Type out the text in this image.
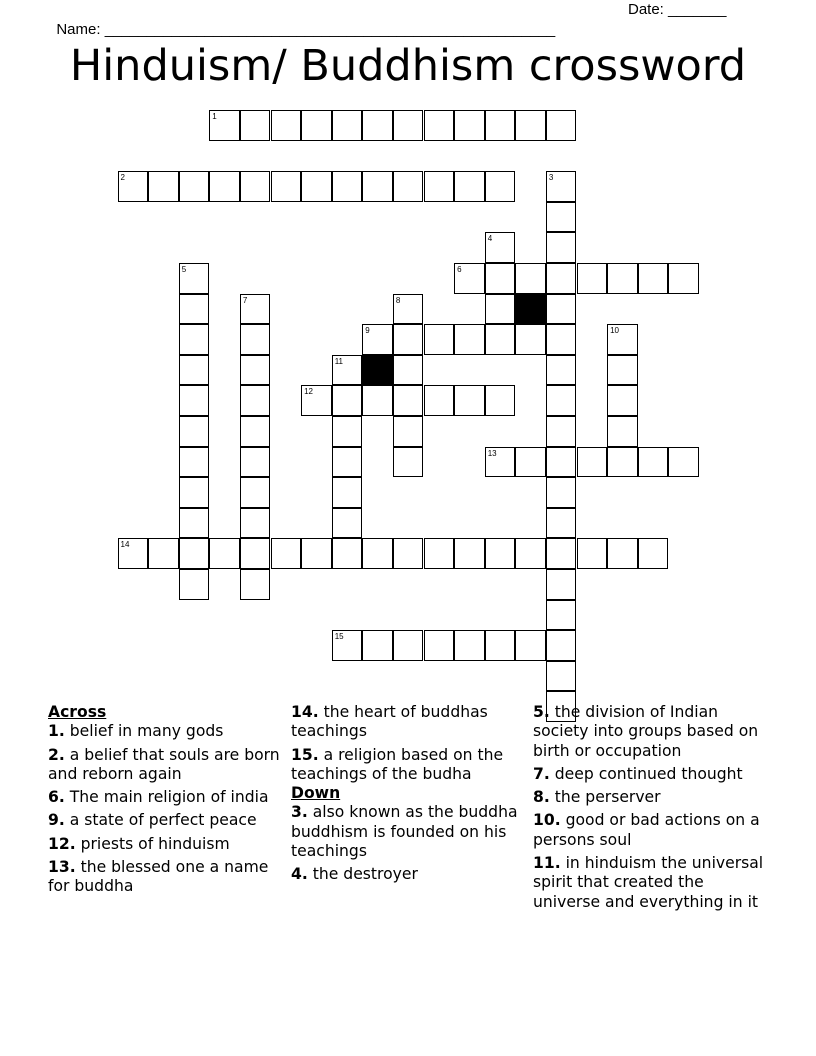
Name: ______________________________________________________

Date: _______

Hinduism/ Buddhism crossword
1
2	3
4
5	6
7	8
9	10
11
12
13
14
15
Across
1. belief in many gods
2. a belief that souls are born and reborn again
6. The main religion of india
9. a state of perfect peace
12. priests of hinduism
13. the blessed one a name for buddha
14. the heart of buddhas teachings
15. a religion based on the teachings of the budha
Down
3. also known as the buddha buddhism is founded on his teachings
4. the destroyer
5. the division of Indian society into groups based on birth or occupation
7. deep continued thought
8. the perserver
10. good or bad actions on a persons soul
11. in hinduism the universal spirit that created the universe and everything in it
